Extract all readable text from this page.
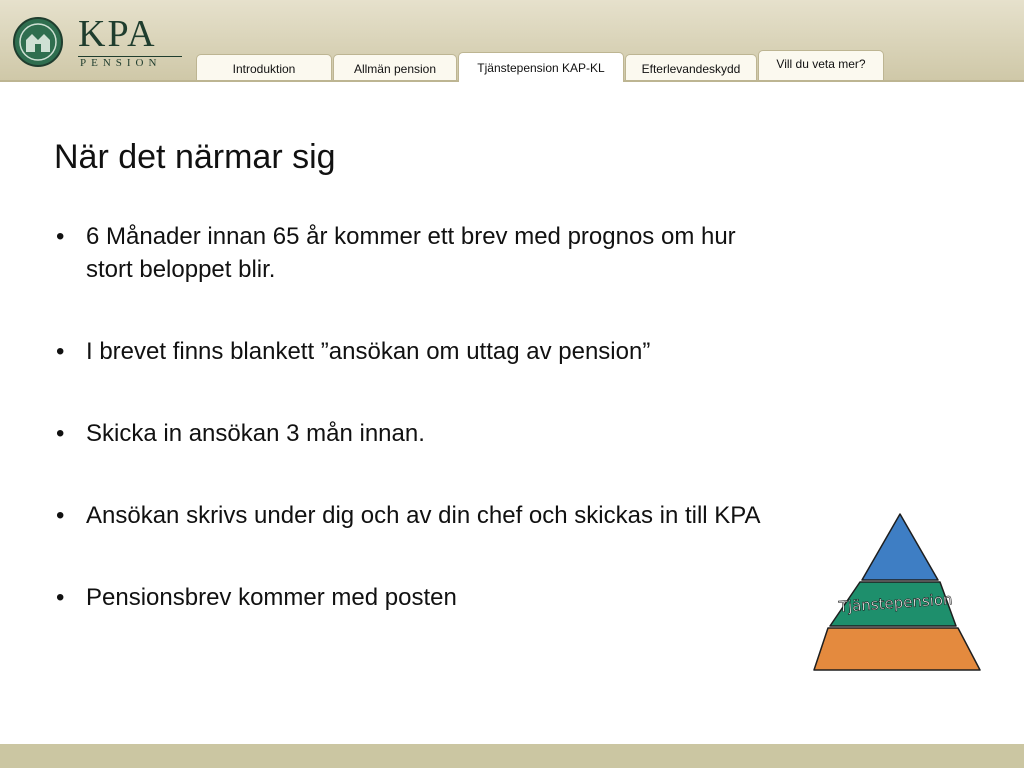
KPA
PENSION	Introduktion	Allmän pension	Tjänstepension KAP-KL	Efterlevandeskydd	Vill du veta mer?
När det närmar sig
• 6 Månader innan 65 år kommer ett brev med prognos om hur stort beloppet blir.
• I brevet finns blankett ”ansökan om uttag av pension”
• Skicka in ansökan 3 mån innan.
• Ansökan skrivs under dig och av din chef och skickas in till KPA
• Pensionsbrev kommer med posten	Tjänstepension
